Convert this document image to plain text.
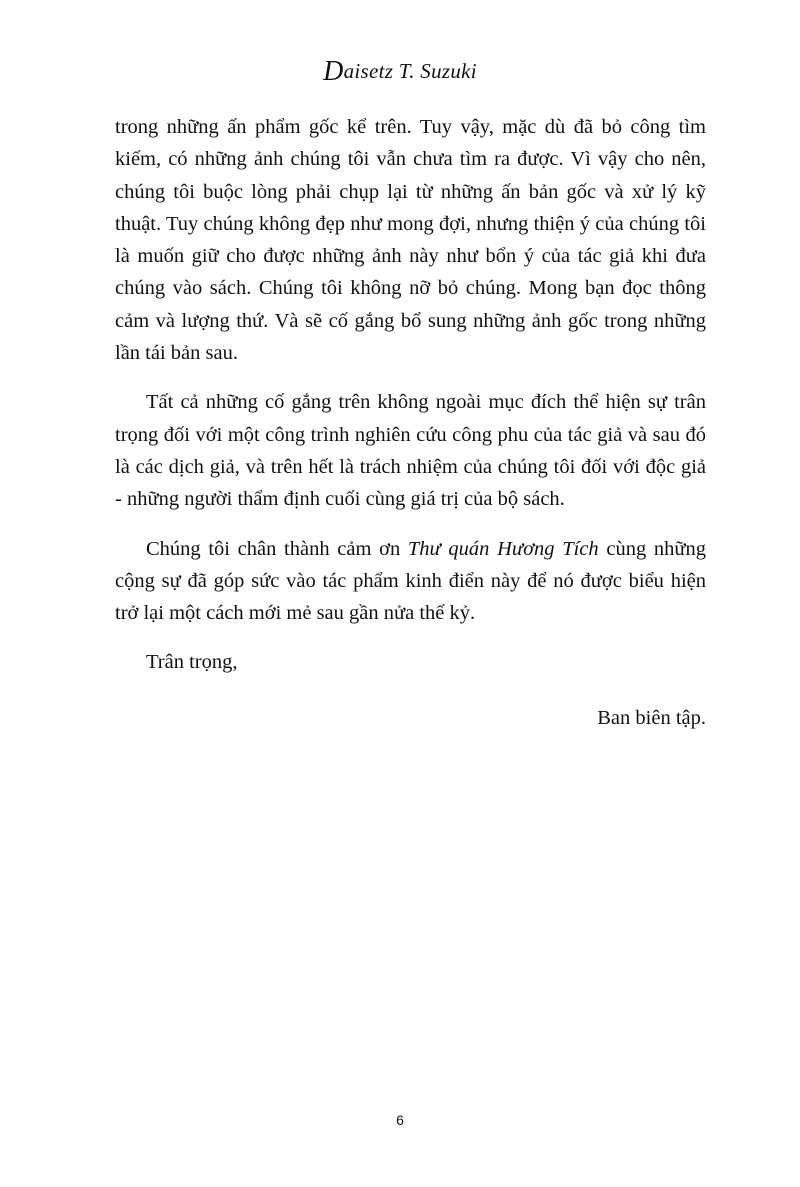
Daisetz T. Suzuki

trong những ấn phẩm gốc kể trên. Tuy vậy, mặc dù đã bỏ công tìm kiếm, có những ảnh chúng tôi vẫn chưa tìm ra được. Vì vậy cho nên, chúng tôi buộc lòng phải chụp lại từ những ấn bản gốc và xử lý kỹ thuật. Tuy chúng không đẹp như mong đợi, nhưng thiện ý của chúng tôi là muốn giữ cho được những ảnh này như bổn ý của tác giả khi đưa chúng vào sách. Chúng tôi không nỡ bỏ chúng. Mong bạn đọc thông cảm và lượng thứ. Và sẽ cố gắng bổ sung những ảnh gốc trong những lần tái bản sau.

Tất cả những cố gắng trên không ngoài mục đích thể hiện sự trân trọng đối với một công trình nghiên cứu công phu của tác giả và sau đó là các dịch giả, và trên hết là trách nhiệm của chúng tôi đối với độc giả - những người thẩm định cuối cùng giá trị của bộ sách.

Chúng tôi chân thành cảm ơn Thư quán Hương Tích cùng những cộng sự đã góp sức vào tác phẩm kinh điển này để nó được biểu hiện trở lại một cách mới mẻ sau gần nửa thế kỷ.

Trân trọng,

Ban biên tập.

6
